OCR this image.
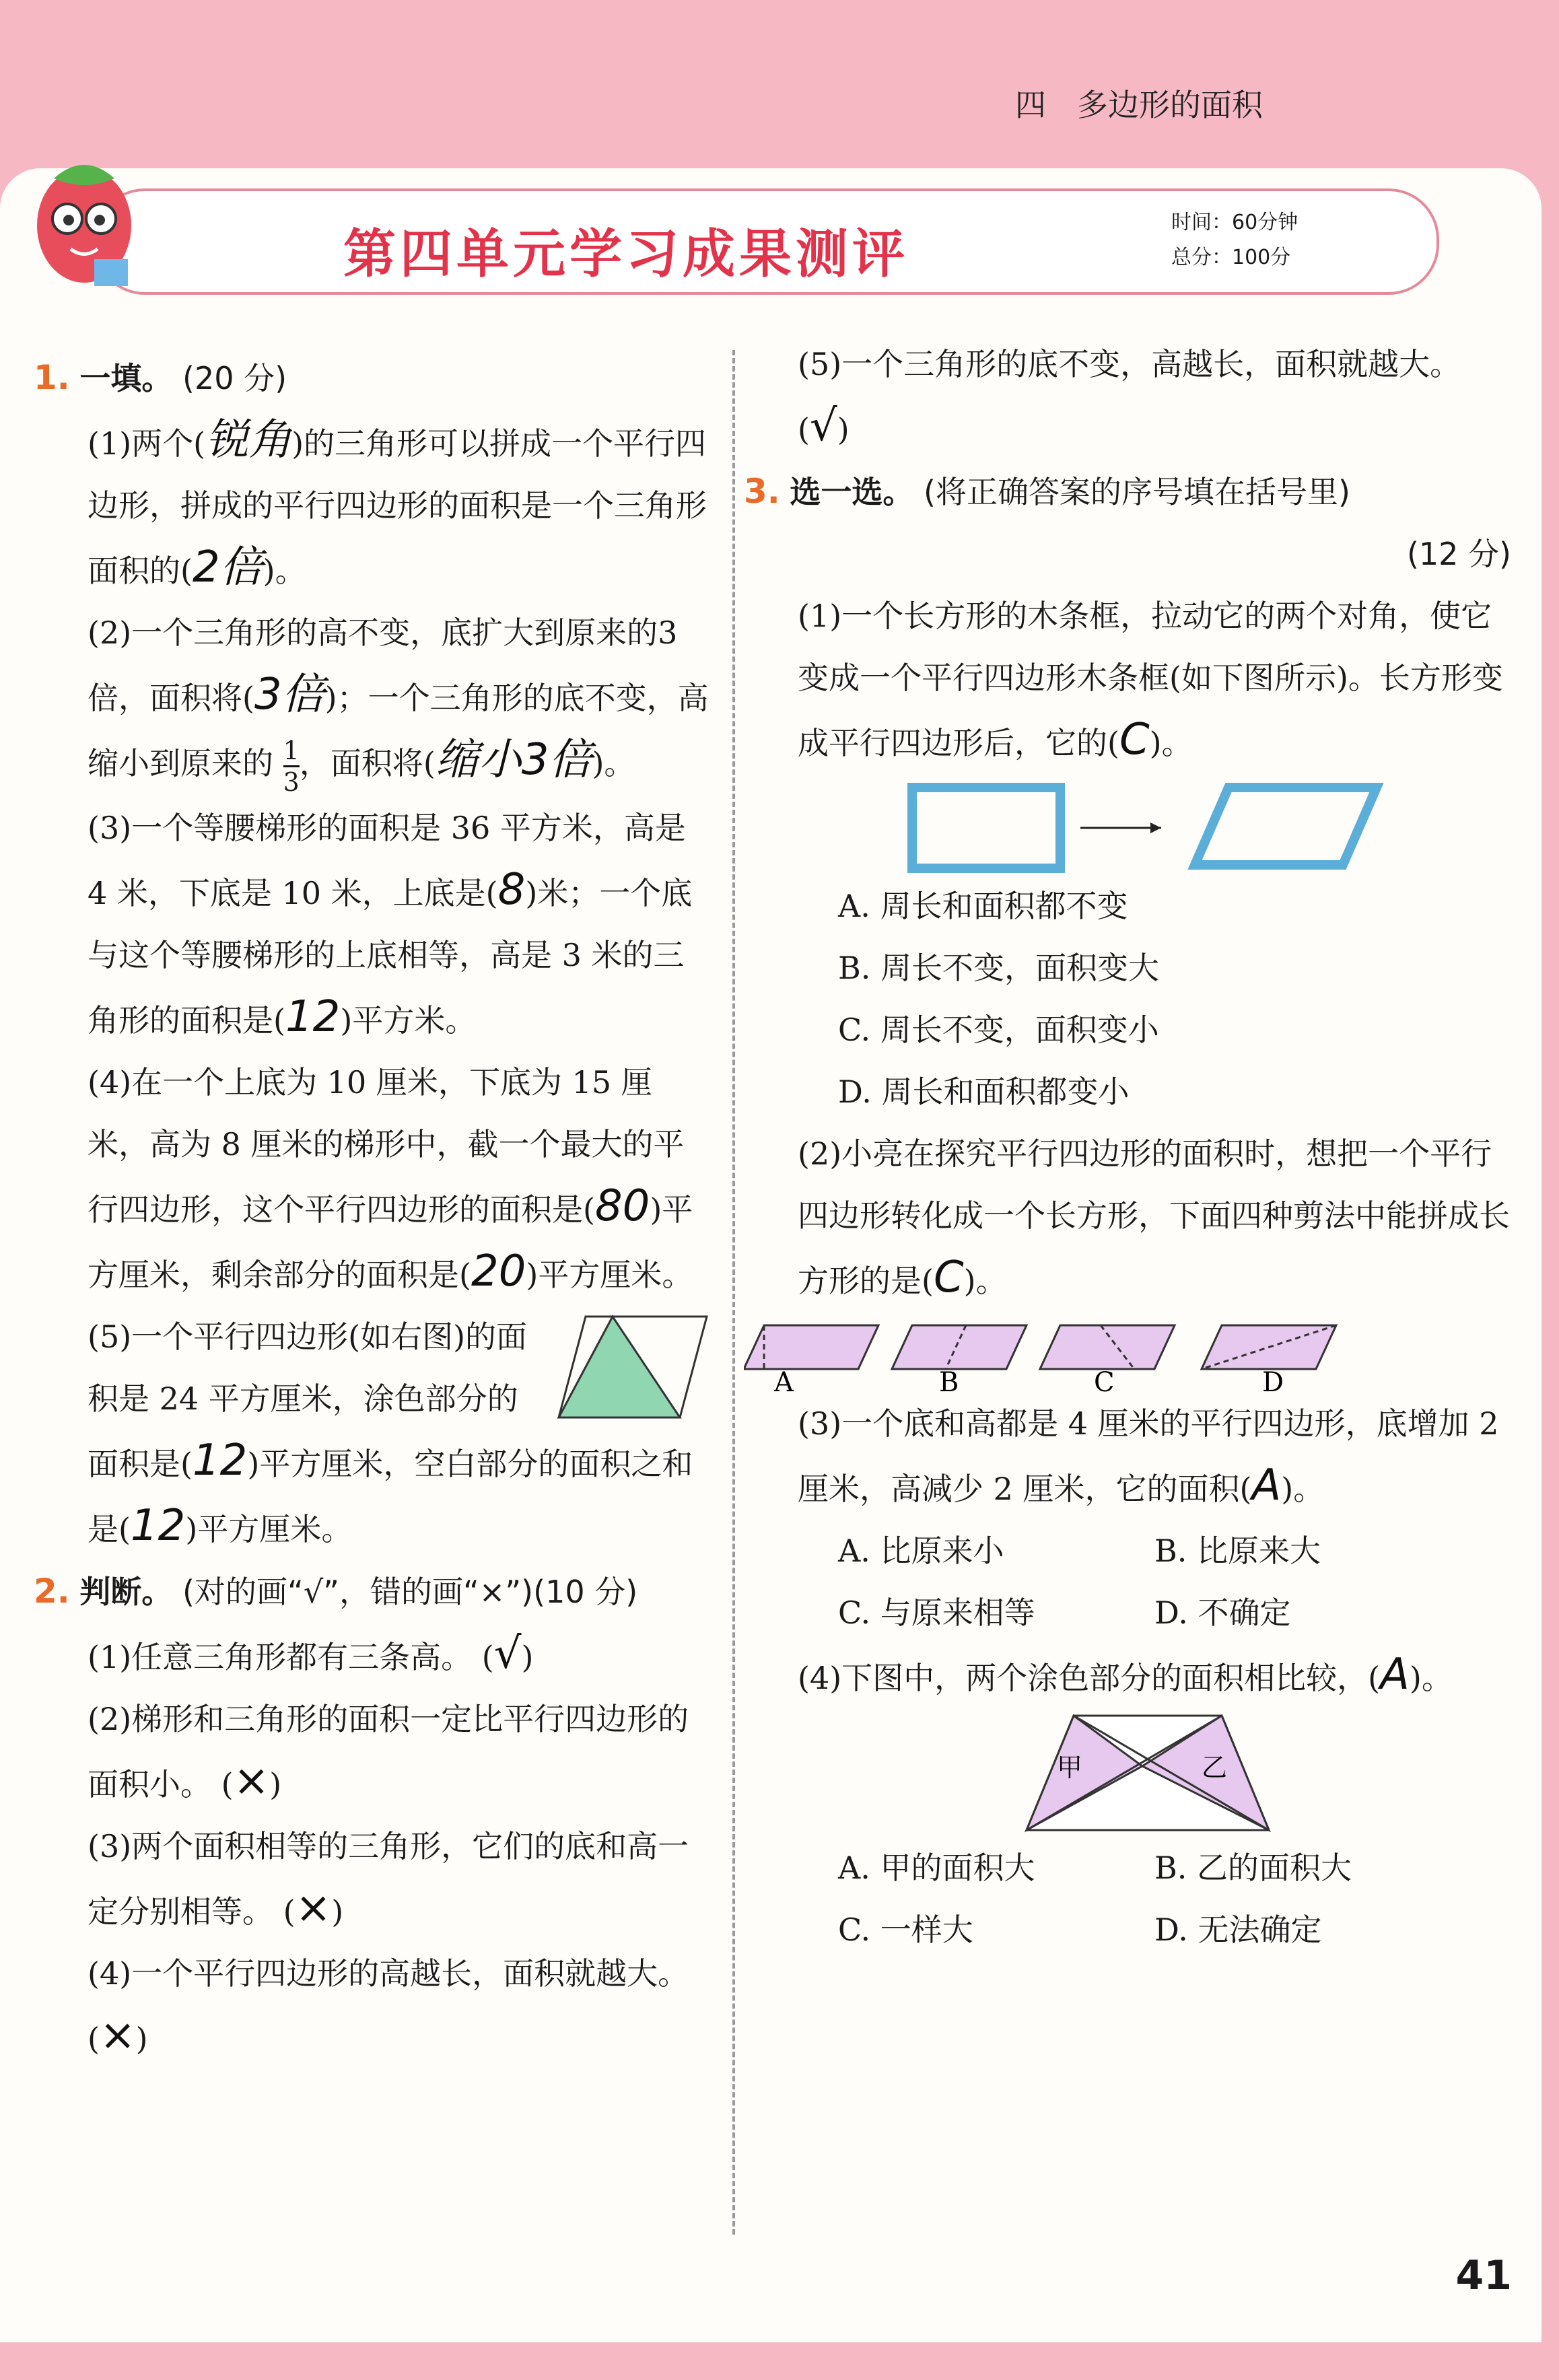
四　多边形的面积
第四单元学习成果测评
时间：60分钟
总分：100分
1. 一填。 (20 分)
(1)两个(锐角)的三角形可以拼成一个平行四边形，拼成的平行四边形的面积是一个三角形面积的(2倍)。
(2)一个三角形的高不变，底扩大到原来的3倍，面积将(3倍)；一个三角形的底不变，高缩小到原来的 $\frac{1}{3}$ ，面积将(缩小3倍)。
(3)一个等腰梯形的面积是 36 平方米，高是 4 米，下底是 10 米，上底是(8)米；一个底与这个等腰梯形的上底相等，高是 3 米的三角形的面积是(12)平方米。
(4)在一个上底为 10 厘米，下底为 15 厘米，高为 8 厘米的梯形中，截一个最大的平行四边形，这个平行四边形的面积是(80)平方厘米，剩余部分的面积是(20)平方厘米。
(5)一个平行四边形(如右图)的面积是 24 平方厘米，涂色部分的面积是(12)平方厘米，空白部分的面积之和是(12)平方厘米。
2. 判断。 (对的画“√”，错的画“×”)(10 分)
(1)任意三角形都有三条高。 (√)
(2)梯形和三角形的面积一定比平行四边形的面积小。 (×)
(3)两个面积相等的三角形，它们的底和高一定分别相等。 (×)
(4)一个平行四边形的高越长，面积就越大。 (×)
(5)一个三角形的底不变，高越长，面积就越大。 (√)
3. 选一选。 (将正确答案的序号填在括号里)
(12 分)
(1)一个长方形的木条框，拉动它的两个对角，使它变成一个平行四边形木条框(如下图所示)。长方形变成平行四边形后，它的(C)。
A. 周长和面积都不变
B. 周长不变，面积变大
C. 周长不变，面积变小
D. 周长和面积都变小
(2)小亮在探究平行四边形的面积时，想把一个平行四边形转化成一个长方形，下面四种剪法中能拼成长方形的是(C)。
A	B	C	D
(3)一个底和高都是 4 厘米的平行四边形，底增加 2 厘米，高减少 2 厘米，它的面积(A)。
A. 比原来小	B. 比原来大
C. 与原来相等	D. 不确定
(4)下图中，两个涂色部分的面积相比较，(A)。
甲	乙
A. 甲的面积大	B. 乙的面积大
C. 一样大	D. 无法确定
41
